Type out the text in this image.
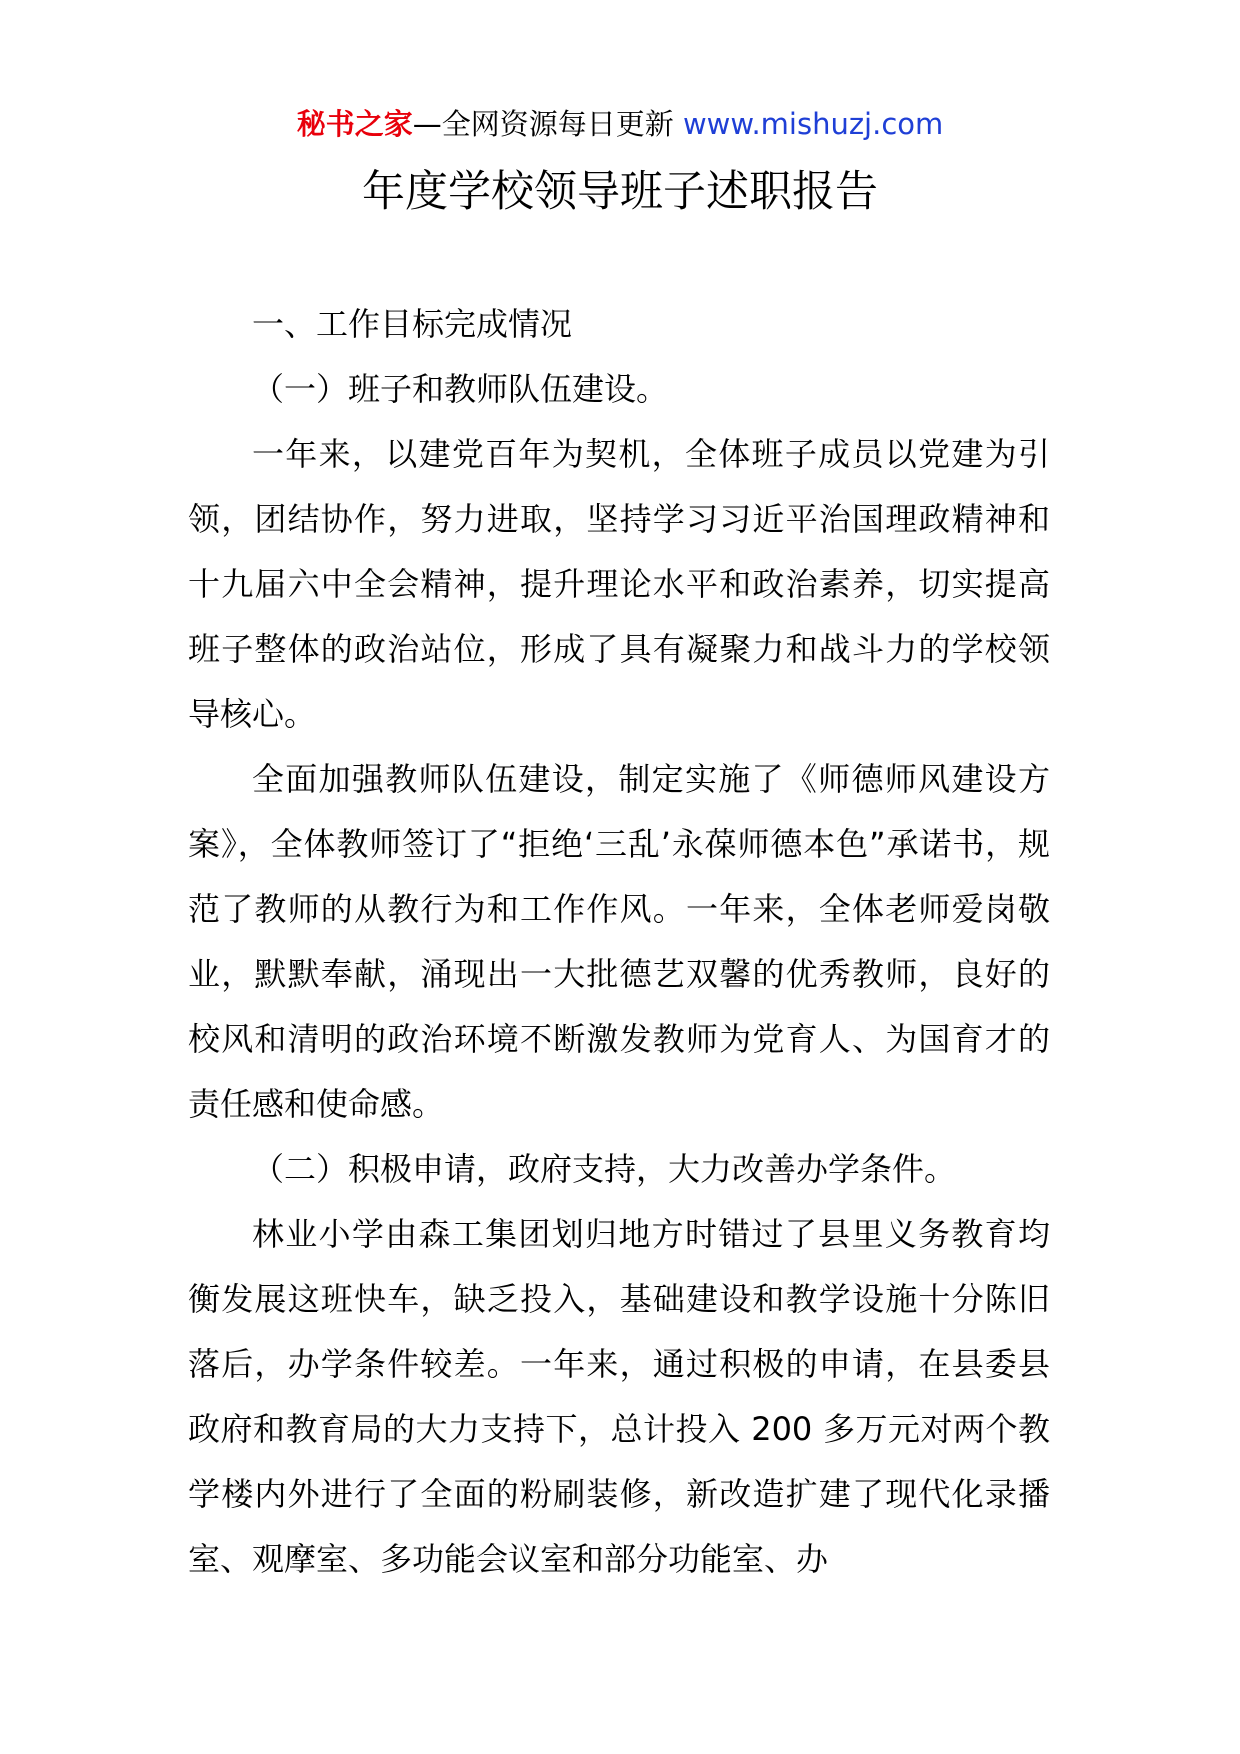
秘书之家—全网资源每日更新 www.mishuzj.com
年度学校领导班子述职报告

一、工作目标完成情况

（一）班子和教师队伍建设。

一年来，以建党百年为契机，全体班子成员以党建为引领，团结协作，努力进取，坚持学习习近平治国理政精神和十九届六中全会精神，提升理论水平和政治素养，切实提高班子整体的政治站位，形成了具有凝聚力和战斗力的学校领导核心。

全面加强教师队伍建设，制定实施了《师德师风建设方案》，全体教师签订了“拒绝‘三乱’永葆师德本色”承诺书，规范了教师的从教行为和工作作风。一年来，全体老师爱岗敬业，默默奉献，涌现出一大批德艺双馨的优秀教师，良好的校风和清明的政治环境不断激发教师为党育人、为国育才的责任感和使命感。

（二）积极申请，政府支持，大力改善办学条件。

林业小学由森工集团划归地方时错过了县里义务教育均衡发展这班快车，缺乏投入，基础建设和教学设施十分陈旧落后，办学条件较差。一年来，通过积极的申请，在县委县政府和教育局的大力支持下，总计投入 200 多万元对两个教学楼内外进行了全面的粉刷装修，新改造扩建了现代化录播室、观摩室、多功能会议室和部分功能室、办
